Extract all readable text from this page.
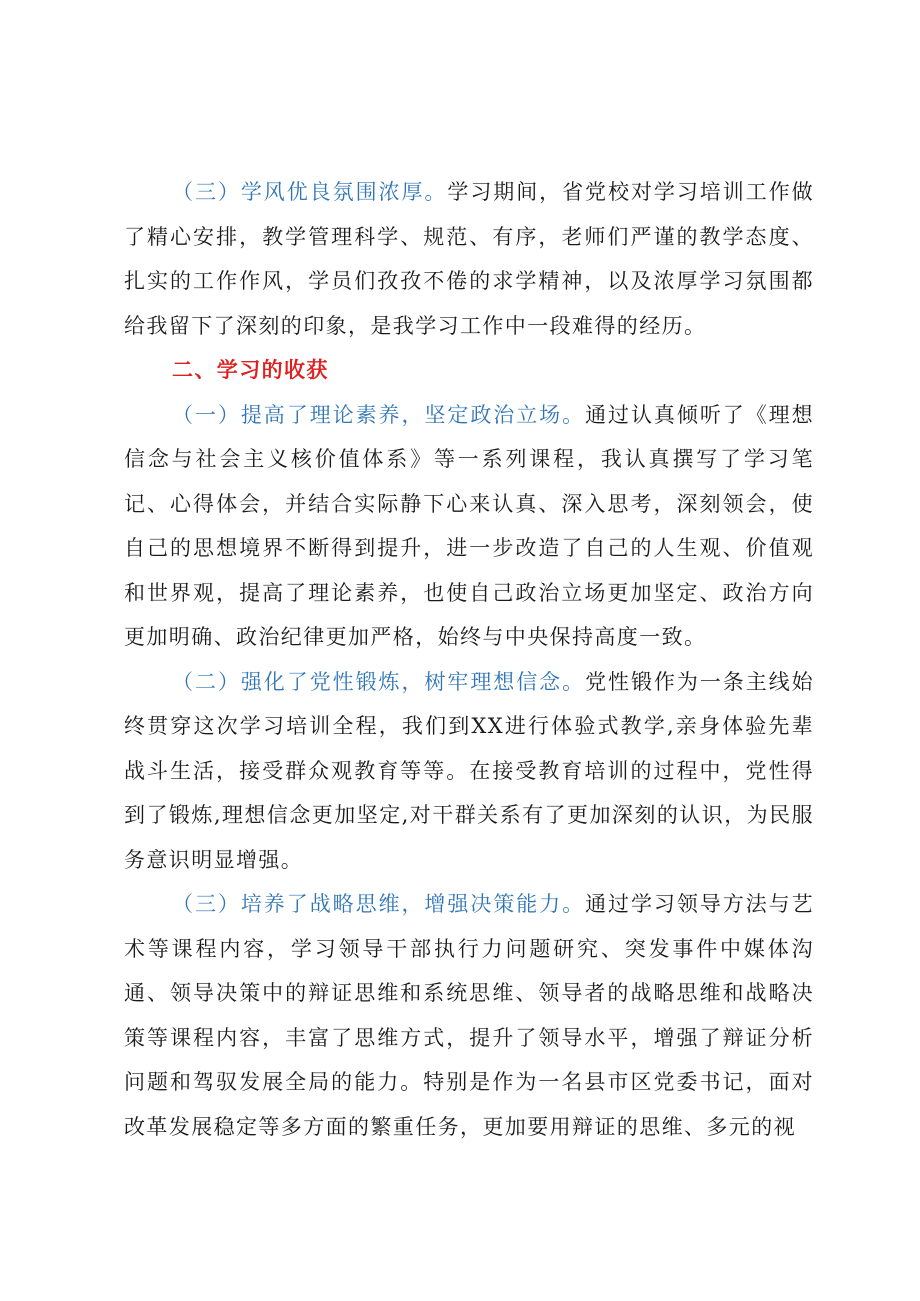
（三）学风优良氛围浓厚。学习期间，省党校对学习培训工作做了精心安排，教学管理科学、规范、有序，老师们严谨的教学态度、扎实的工作作风，学员们孜孜不倦的求学精神，以及浓厚学习氛围都给我留下了深刻的印象，是我学习工作中一段难得的经历。

二、学习的收获

（一）提高了理论素养，坚定政治立场。通过认真倾听了《理想信念与社会主义核价值体系》等一系列课程，我认真撰写了学习笔记、心得体会，并结合实际静下心来认真、深入思考，深刻领会，使自己的思想境界不断得到提升，进一步改造了自己的人生观、价值观和世界观，提高了理论素养，也使自己政治立场更加坚定、政治方向更加明确、政治纪律更加严格，始终与中央保持高度一致。

（二）强化了党性锻炼，树牢理想信念。党性锻作为一条主线始终贯穿这次学习培训全程，我们到XX进行体验式教学,亲身体验先辈战斗生活，接受群众观教育等等。在接受教育培训的过程中，党性得到了锻炼,理想信念更加坚定,对干群关系有了更加深刻的认识，为民服务意识明显增强。

（三）培养了战略思维，增强决策能力。通过学习领导方法与艺术等课程内容，学习领导干部执行力问题研究、突发事件中媒体沟通、领导决策中的辩证思维和系统思维、领导者的战略思维和战略决策等课程内容，丰富了思维方式，提升了领导水平，增强了辩证分析问题和驾驭发展全局的能力。特别是作为一名县市区党委书记，面对改革发展稳定等多方面的繁重任务，更加要用辩证的思维、多元的视
